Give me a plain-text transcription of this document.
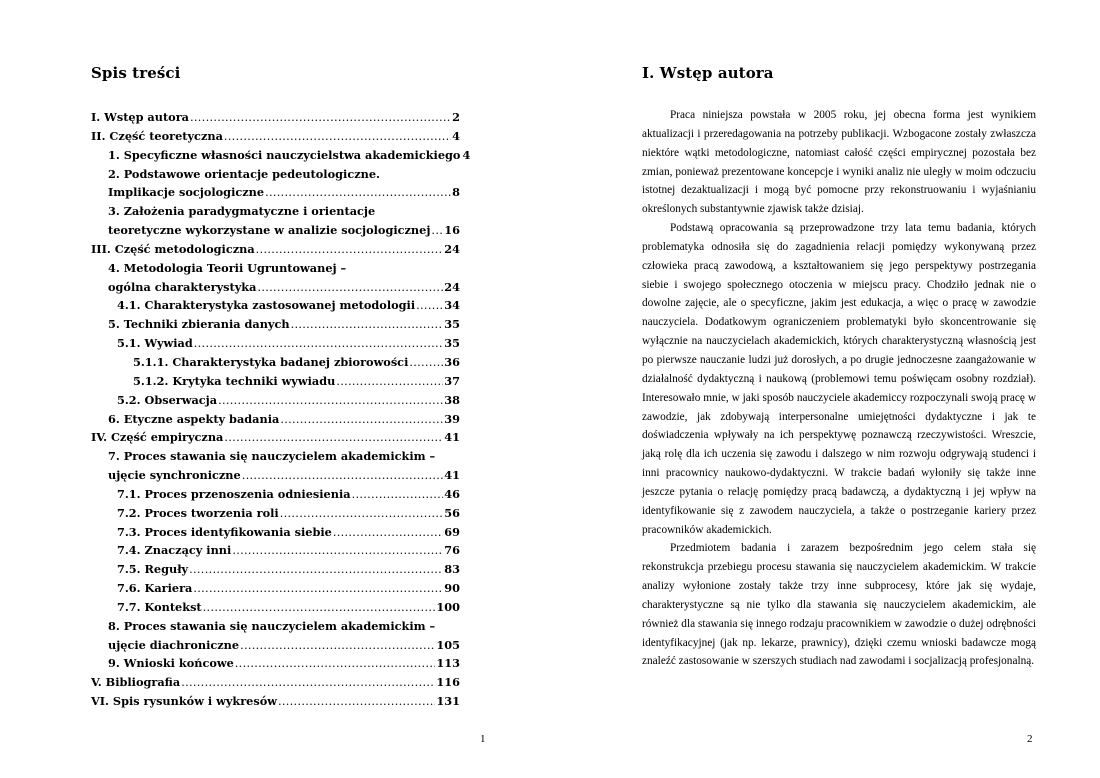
Spis treści
I. Wstęp autora .....	2
II. Część teoretyczna .....	4
1. Specyficzne własności nauczycielstwa akademickiego 4
2. Podstawowe orientacje pedeutologiczne.
Implikacje socjologiczne .....	8
3. Założenia paradygmatyczne i orientacje
teoretyczne wykorzystane w analizie socjologicznej ..... 16
III. Część metodologiczna .....	24
4. Metodologia Teorii Ugruntowanej –
ogólna charakterystyka .....	24
4.1. Charakterystyka zastosowanej metodologii .....	34
5. Techniki zbierania danych .....	35
5.1. Wywiad .....	35
5.1.1. Charakterystyka badanej zbiorowości .....	36
5.1.2. Krytyka techniki wywiadu .....	37
5.2. Obserwacja .....	38
6. Etyczne aspekty badania .....	39
IV. Część empiryczna .....	41
7. Proces stawania się nauczycielem akademickim –
ujęcie synchroniczne .....	41
7.1. Proces przenoszenia odniesienia .....	46
7.2. Proces tworzenia roli .....	56
7.3. Proces identyfikowania siebie .....	69
7.4. Znaczący inni .....	76
7.5. Reguły .....	83
7.6. Kariera .....	90
7.7. Kontekst .....	100
8. Proces stawania się nauczycielem akademickim –
ujęcie diachroniczne .....	105
9. Wnioski końcowe .....	113
V. Bibliografia .....	116
VI. Spis rysunków i wykresów .....	131
1
I. Wstęp autora

Praca niniejsza powstała w 2005 roku, jej obecna forma jest wynikiem aktualizacji i przeredagowania na potrzeby publikacji. Wzbogacone zostały zwłaszcza niektóre wątki metodologiczne, natomiast całość części empirycznej pozostała bez zmian, ponieważ prezentowane koncepcje i wyniki analiz nie uległy w moim odczuciu istotnej dezaktualizacji i mogą być pomocne przy rekonstruowaniu i wyjaśnianiu określonych substantywnie zjawisk także dzisiaj.

Podstawą opracowania są przeprowadzone trzy lata temu badania, których problematyka odnosiła się do zagadnienia relacji pomiędzy wykonywaną przez człowieka pracą zawodową, a kształtowaniem się jego perspektywy postrzegania siebie i swojego społecznego otoczenia w miejscu pracy. Chodziło jednak nie o dowolne zajęcie, ale o specyficzne, jakim jest edukacja, a więc o pracę w zawodzie nauczyciela. Dodatkowym ograniczeniem problematyki było skoncentrowanie się wyłącznie na nauczycielach akademickich, których charakterystyczną własnością jest po pierwsze nauczanie ludzi już dorosłych, a po drugie jednoczesne zaangażowanie w działalność dydaktyczną i naukową (problemowi temu poświęcam osobny rozdział). Interesowało mnie, w jaki sposób nauczyciele akademiccy rozpoczynali swoją pracę w zawodzie, jak zdobywają interpersonalne umiejętności dydaktyczne i jak te doświadczenia wpływały na ich perspektywę poznawczą rzeczywistości. Wreszcie, jaką rolę dla ich uczenia się zawodu i dalszego w nim rozwoju odgrywają studenci i inni pracownicy naukowo-dydaktyczni. W trakcie badań wyłoniły się także inne jeszcze pytania o relację pomiędzy pracą badawczą, a dydaktyczną i jej wpływ na identyfikowanie się z zawodem nauczyciela, a także o postrzeganie kariery przez pracowników akademickich.

Przedmiotem badania i zarazem bezpośrednim jego celem stała się rekonstrukcja przebiegu procesu stawania się nauczycielem akademickim. W trakcie analizy wyłonione zostały także trzy inne subprocesy, które jak się wydaje, charakterystyczne są nie tylko dla stawania się nauczycielem akademickim, ale również dla stawania się innego rodzaju pracownikiem w zawodzie o dużej odrębności identyfikacyjnej (jak np. lekarze, prawnicy), dzięki czemu wnioski badawcze mogą znaleźć zastosowanie w szerszych studiach nad zawodami i socjalizacją profesjonalną.

2
